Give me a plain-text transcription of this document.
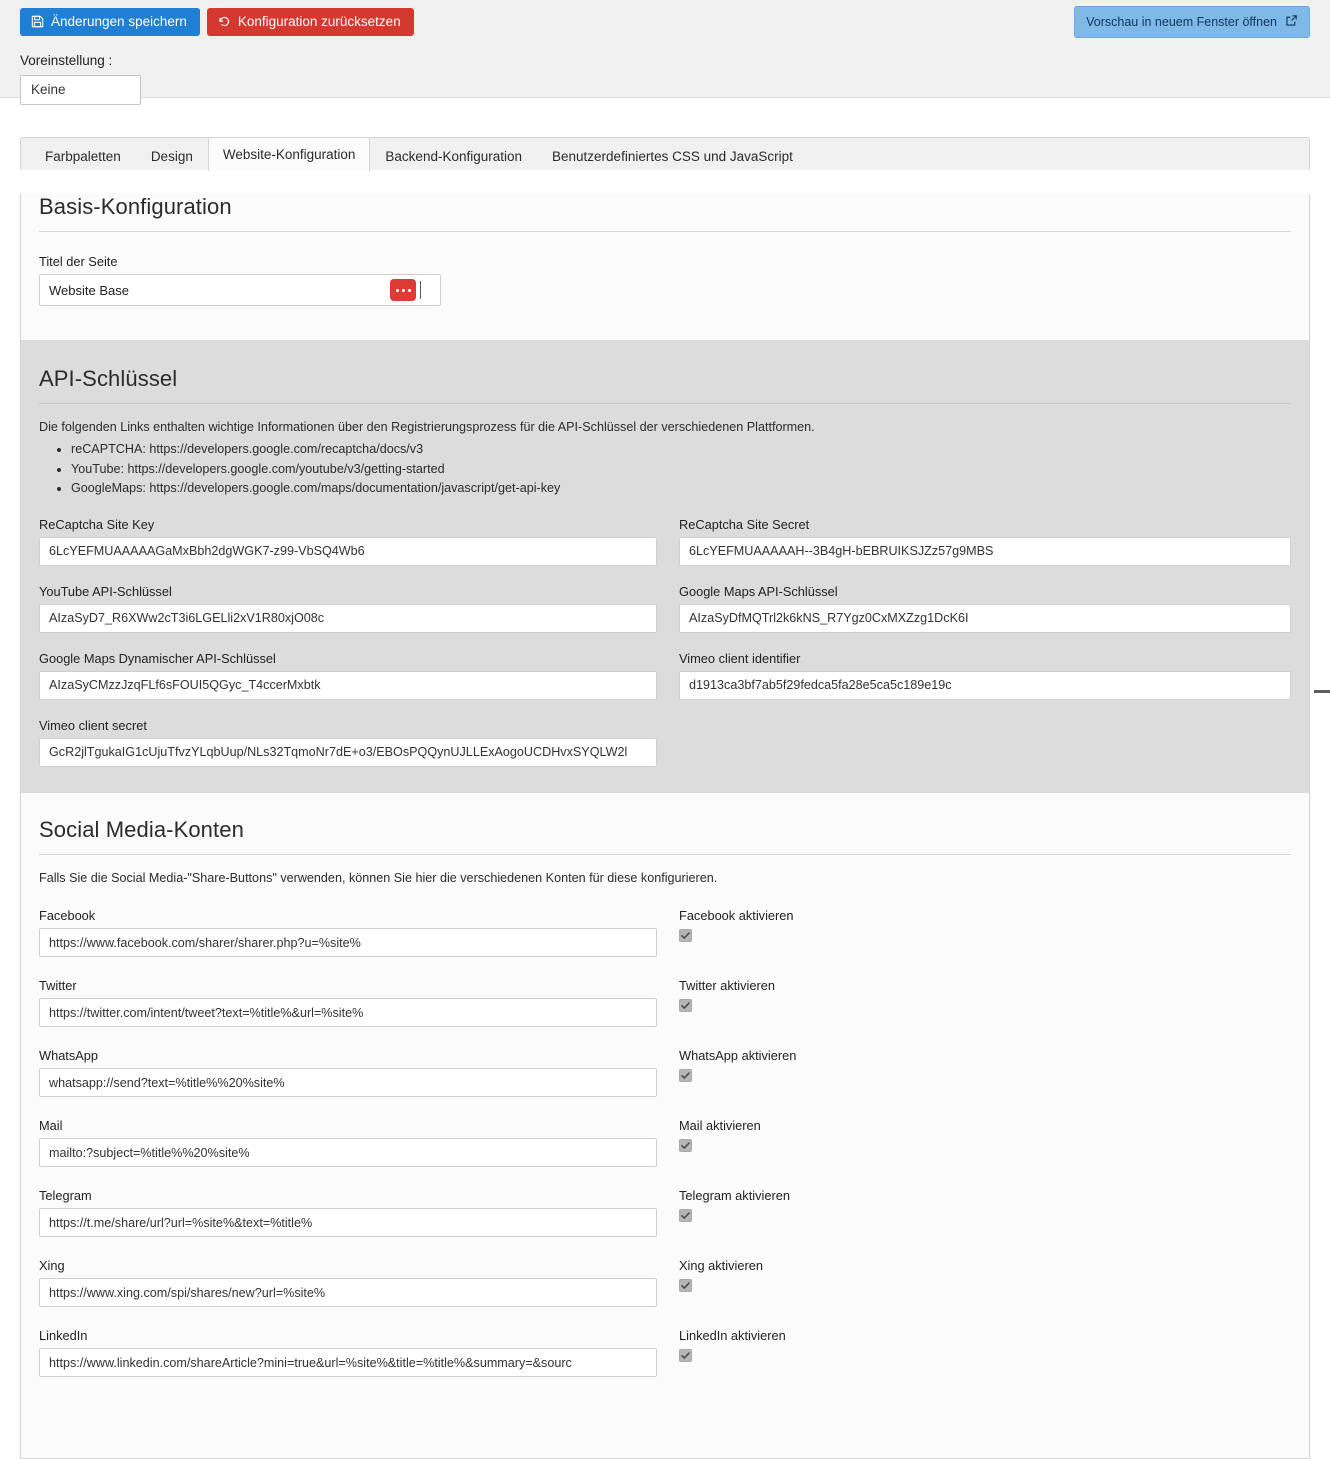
Änderungen speichern	Konfiguration zurücksetzen	Vorschau in neuem Fenster öffnen
Voreinstellung :
Keine
Farbpaletten	Design	Website-Konfiguration	Backend-Konfiguration	Benutzerdefiniertes CSS und JavaScript
Basis-Konfiguration
Titel der Seite
Website Base
API-Schlüssel

Die folgenden Links enthalten wichtige Informationen über den Registrierungsprozess für die API-Schlüssel der verschiedenen Plattformen.

• reCAPTCHA: https://developers.google.com/recaptcha/docs/v3
• YouTube: https://developers.google.com/youtube/v3/getting-started
• GoogleMaps: https://developers.google.com/maps/documentation/javascript/get-api-key
ReCaptcha Site Key
6LcYEFMUAAAAAGaMxBbh2dgWGK7-z99-VbSQ4Wb6
ReCaptcha Site Secret
6LcYEFMUAAAAAH--3B4gH-bEBRUIKSJZz57g9MBS
YouTube API-Schlüssel
AIzaSyD7_R6XWw2cT3i6LGELli2xV1R80xjO08c
Google Maps API-Schlüssel
AIzaSyDfMQTrl2k6kNS_R7Ygz0CxMXZzg1DcK6I
Google Maps Dynamischer API-Schlüssel
AIzaSyCMzzJzqFLf6sFOUI5QGyc_T4ccerMxbtk
Vimeo client identifier
d1913ca3bf7ab5f29fedca5fa28e5ca5c189e19c
Vimeo client secret
GcR2jlTgukaIG1cUjuTfvzYLqbUup/NLs32TqmoNr7dE+o3/EBOsPQQynUJLLExAogoUCDHvxSYQLW2l
Social Media-Konten

Falls Sie die Social Media-"Share-Buttons" verwenden, können Sie hier die verschiedenen Konten für diese konfigurieren.

Facebook
https://www.facebook.com/sharer/sharer.php?u=%site%
Facebook aktivieren
Twitter
https://twitter.com/intent/tweet?text=%title%&url=%site%
Twitter aktivieren
WhatsApp
whatsapp://send?text=%title%%20%site%
WhatsApp aktivieren
Mail
mailto:?subject=%title%%20%site%
Mail aktivieren
Telegram
https://t.me/share/url?url=%site%&text=%title%
Telegram aktivieren
Xing
https://www.xing.com/spi/shares/new?url=%site%
Xing aktivieren
LinkedIn
https://www.linkedin.com/shareArticle?mini=true&url=%site%&title=%title%&summary=&sourc
LinkedIn aktivieren
